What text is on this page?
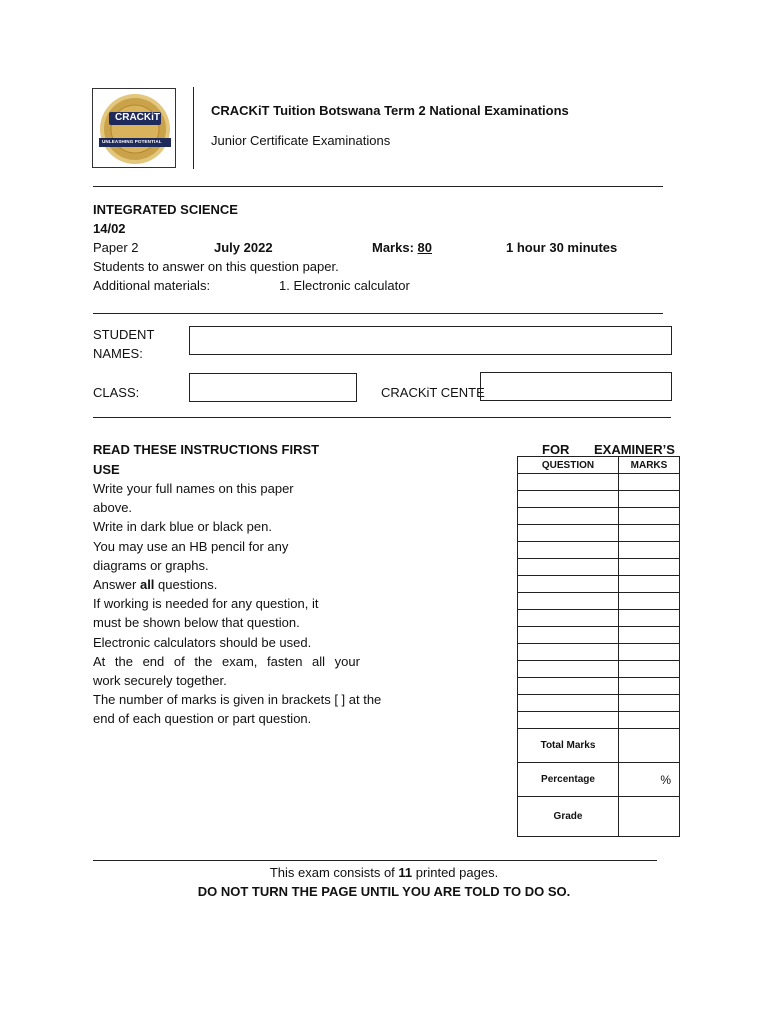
CRACKiT
UNLEASHING POTENTIAL
CRACKiT Tuition Botswana Term 2 National Examinations
Junior Certificate Examinations
INTEGRATED SCIENCE
14/02
Paper 2	July 2022	Marks: 80	1 hour 30 minutes
Students to answer on this question paper.
Additional materials:	1. Electronic calculator
STUDENT
NAMES:
CLASS:	CRACKiT CENTE
READ THESE INSTRUCTIONS FIRST
USE
Write your full names on this paper
above.
Write in dark blue or black pen.
You may use an HB pencil for any
diagrams or graphs.
Answer all questions.
If working is needed for any question, it
must be shown below that question.
Electronic calculators should be used.
At the end of the exam, fasten all your
work securely together.
The number of marks is given in brackets [ ] at the
end of each question or part question.
FOR EXAMINER’S
QUESTION	MARKS

Total Marks	
Percentage	%
Grade	
This exam consists of 11 printed pages.
DO NOT TURN THE PAGE UNTIL YOU ARE TOLD TO DO SO.
